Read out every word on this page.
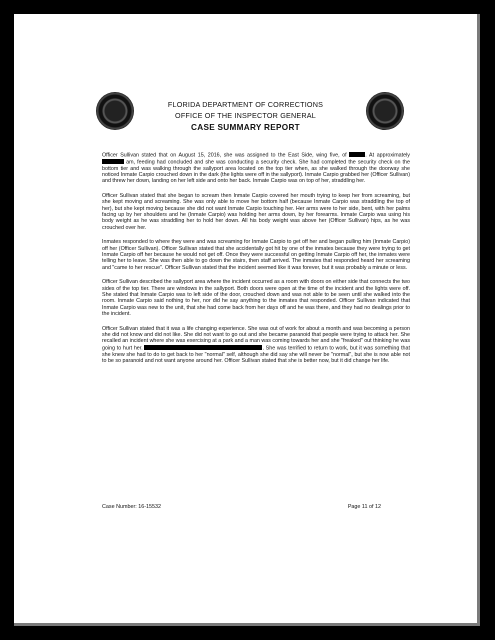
FLORIDA DEPARTMENT OF CORRECTIONS
OFFICE OF THE INSPECTOR GENERAL
CASE SUMMARY REPORT

Officer Sullivan stated that on August 15, 2016, she was assigned to the East Side, wing five, of	. At approximately  am, feeding had concluded and she was conducting a security check. She had completed the security check on the bottom tier and was walking through the sallyport area located on the top tier when, as she walked through the doorway she noticed Inmate Carpio crouched down in the dark (the lights were off in the sallyport). Inmate Carpio grabbed her (Officer Sullivan) and threw her down, landing on her left side and onto her back. Inmate Carpio was on top of her, straddling her.

Officer Sullivan stated that she began to scream then Inmate Carpio covered her mouth trying to keep her from screaming, but she kept moving and screaming. She was only able to move her bottom half (because Inmate Carpio was straddling the top of her), but she kept moving because she did not want Inmate Carpio touching her. Her arms were to her side, bent, with her palms facing up by her shoulders and he (Inmate Carpio) was holding her arms down, by her forearms. Inmate Carpio was using his body weight as he was straddling her to hold her down. All his body weight was above her (Officer Sullivan) hips, as he was crouched over her.

Inmates responded to where they were and was screaming for Inmate Carpio to get off her and began pulling him (Inmate Carpio) off her (Officer Sullivan). Officer Sullivan stated that she accidentally got hit by one of the inmates because they were trying to get Inmate Carpio off her because he would not get off. Once they were successful on getting Inmate Carpio off her, the inmates were telling her to leave. She was then able to go down the stairs, then staff arrived. The inmates that responded heard her screaming and "came to her rescue". Officer Sullivan stated that the incident seemed like it was forever, but it was probably a minute or less.

Officer Sullivan described the sallyport area where the incident occurred as a room with doors on either side that connects the two sides of the top tier. There are windows in the sallyport. Both doors were open at the time of the incident and the lights were off. She stated that Inmate Carpio was to left side of the door, crouched down and was not able to be seen until she walked into the room. Inmate Carpio said nothing to her, nor did he say anything to the inmates that responded. Officer Sullivan indicated that Inmate Carpio was new to the unit, that she had come back from her days off and he was there, and they had no dealings prior to the incident.

Officer Sullivan stated that it was a life changing experience. She was out of work for about a month and was becoming a person she did not know and did not like. She did not want to go out and she became paranoid that people were trying to attack her. She recalled an incident where she was exercising at a park and a man was coming towards her and she "freaked" out thinking he was going to hurt her.	. She was terrified to return to work, but it was something that she knew she had to do to get back to her "normal" self, although she did say she will never be "normal", but she is now able not to be so paranoid and not want anyone around her. Officer Sullivan stated that she is better now, but it did change her life.

Case Number: 16-15532	Page 11 of 12
